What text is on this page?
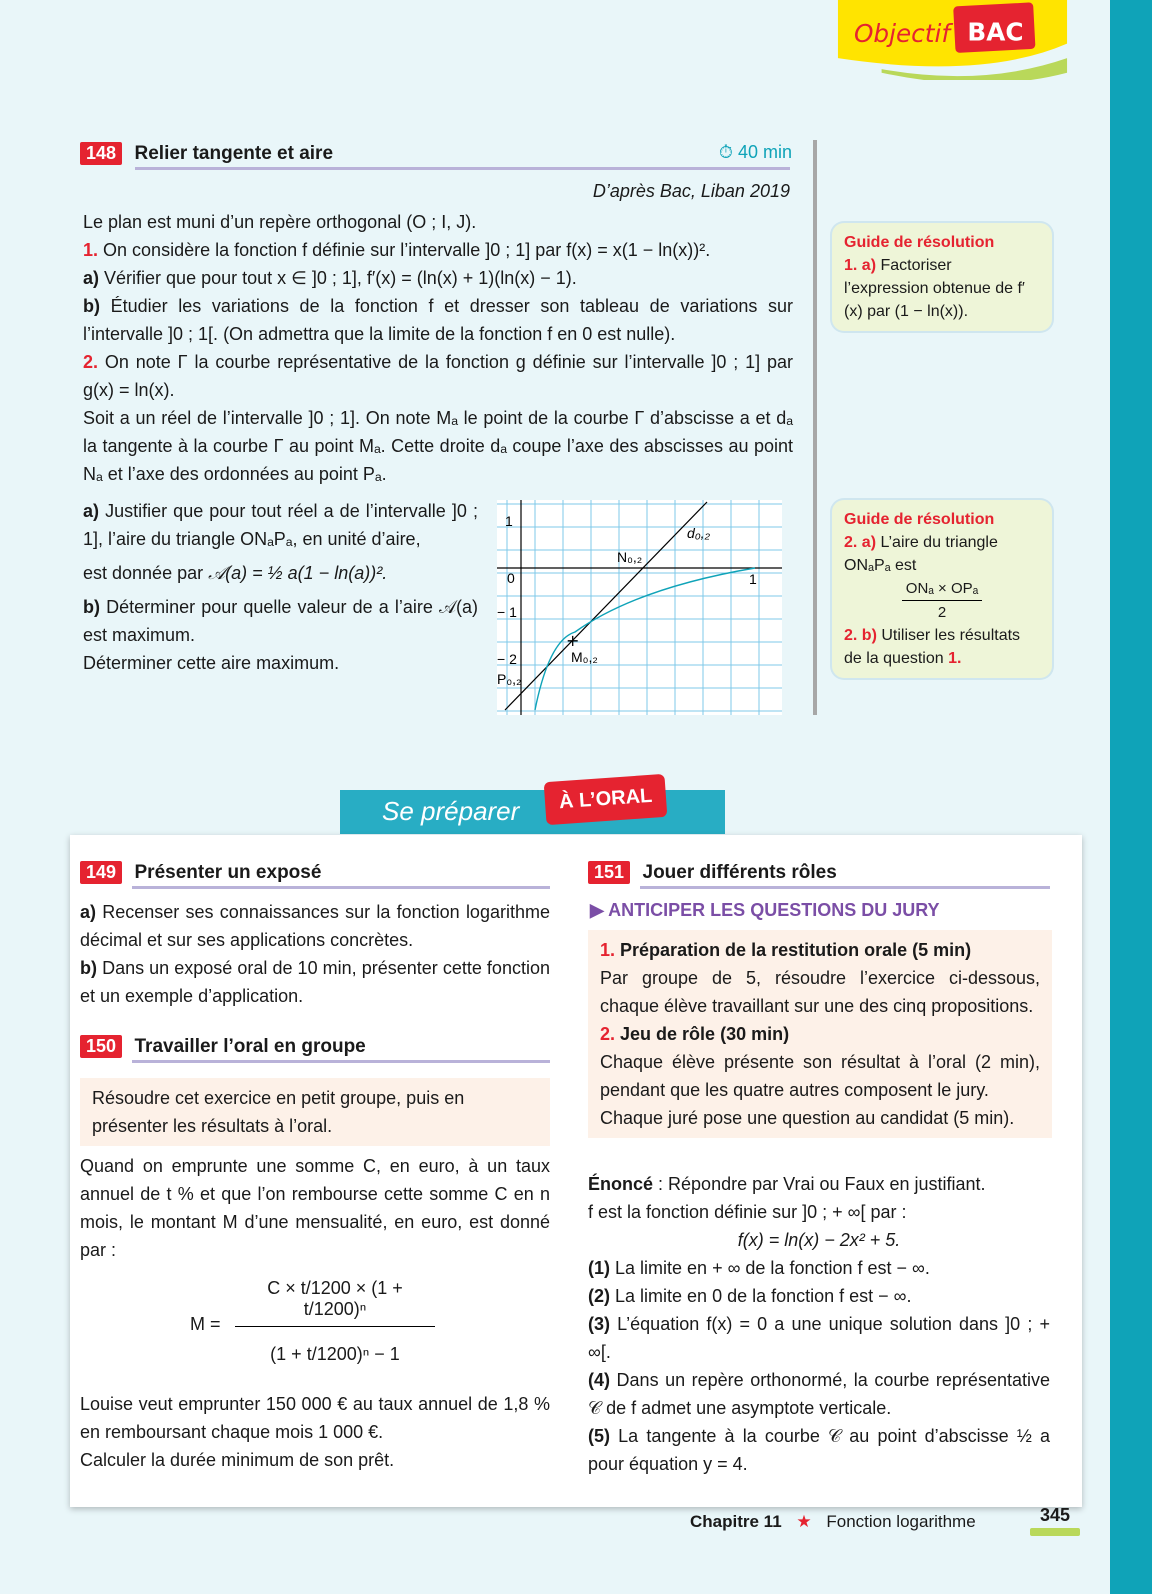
Objectif BAC
148 Relier tangente et aire	⏱ 40 min
D’après Bac, Liban 2019
Le plan est muni d’un repère orthogonal (O ; I, J).
1. On considère la fonction f définie sur l’intervalle ]0 ; 1] par f(x) = x(1 − ln(x))².
a) Vérifier que pour tout x ∈ ]0 ; 1], f′(x) = (ln(x) + 1)(ln(x) − 1).
b) Étudier les variations de la fonction f et dresser son tableau de variations sur l’intervalle ]0 ; 1[. (On admettra que la limite de la fonction f en 0 est nulle).
2. On note Γ la courbe représentative de la fonction g définie sur l’intervalle ]0 ; 1] par g(x) = ln(x).
Soit a un réel de l’intervalle ]0 ; 1]. On note Mₐ le point de la courbe Γ d’abscisse a et dₐ la tangente à la courbe Γ au point Mₐ. Cette droite dₐ coupe l’axe des abscisses au point Nₐ et l’axe des ordonnées au point Pₐ.
a) Justifier que pour tout réel a de l’intervalle ]0 ; 1], l’aire du triangle ONₐPₐ, en unité d’aire,
est donnée par 𝒜(a) = ½ a(1 − ln(a))².
b) Déterminer pour quelle valeur de a l’aire 𝒜(a) est maximum.
Déterminer cette aire maximum.
+
1
0
− 1
− 2
1
d₀,₂
N₀,₂
M₀,₂
P₀,₂
Guide de résolution
1. a) Factoriser l’expression obtenue de f′(x) par (1 − ln(x)).
Guide de résolution
2. a) L’aire du triangle ONₐPₐ est
ONₐ × OPₐ
2
2. b) Utiliser les résultats de la question 1.
Se préparer	À L’ORAL
149 Présenter un exposé
a) Recenser ses connaissances sur la fonction logarithme décimal et sur ses applications concrètes.
b) Dans un exposé oral de 10 min, présenter cette fonction et un exemple d’application.
150 Travailler l’oral en groupe
Résoudre cet exercice en petit groupe, puis en présenter les résultats à l’oral.
Quand on emprunte une somme C, en euro, à un taux annuel de t % et que l’on rembourse cette somme C en n mois, le montant M d’une mensualité, en euro, est donné par :
M =
C × t/1200 × (1 + t/1200)ⁿ
(1 + t/1200)ⁿ − 1
Louise veut emprunter 150 000 € au taux annuel de 1,8 % en remboursant chaque mois 1 000 €.
Calculer la durée minimum de son prêt.
151 Jouer différents rôles
▶ ANTICIPER LES QUESTIONS DU JURY
1. Préparation de la restitution orale (5 min)
Par groupe de 5, résoudre l’exercice ci-dessous, chaque élève travaillant sur une des cinq propositions.
2. Jeu de rôle (30 min)
Chaque élève présente son résultat à l’oral (2 min), pendant que les quatre autres composent le jury.
Chaque juré pose une question au candidat (5 min).
Énoncé : Répondre par Vrai ou Faux en justifiant.
f est la fonction définie sur ]0 ; + ∞[ par :
f(x) = ln(x) − 2x² + 5.
(1) La limite en + ∞ de la fonction f est − ∞.
(2) La limite en 0 de la fonction f est − ∞.
(3) L’équation f(x) = 0 a une unique solution dans ]0 ; + ∞[.
(4) Dans un repère orthonormé, la courbe représentative 𝒞 de f admet une asymptote verticale.
(5) La tangente à la courbe 𝒞 au point d’abscisse ½ a pour équation y = 4.
Chapitre 11 ★ Fonction logarithme	345
